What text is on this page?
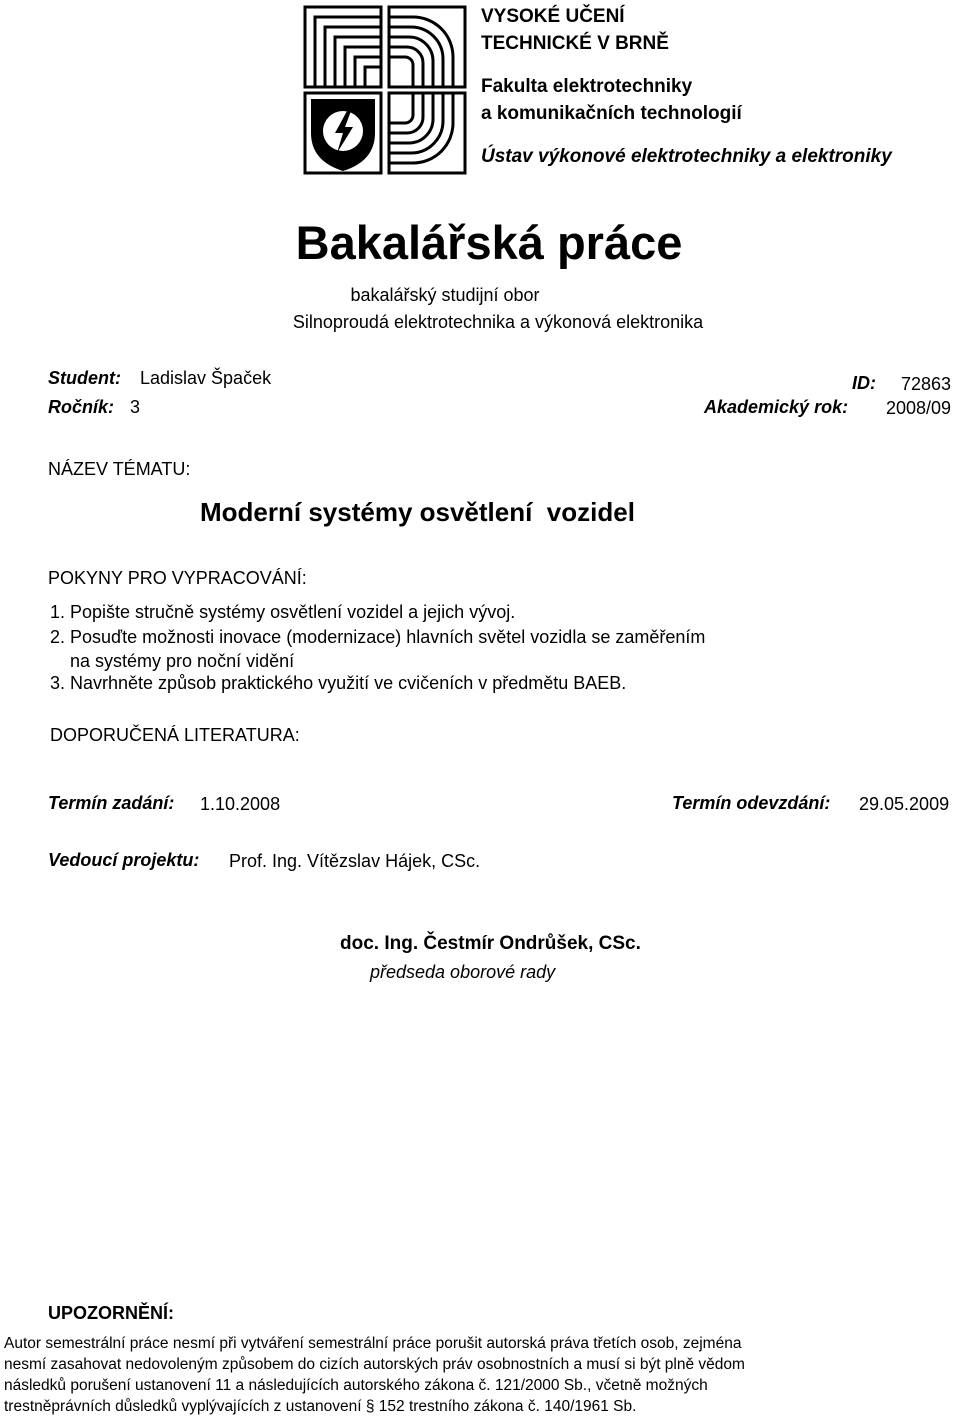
VYSOKÉ UČENÍ
TECHNICKÉ V BRNĚ
Fakulta elektrotechniky
a komunikačních technologií
Ústav výkonové elektrotechniky a elektroniky
Bakalářská práce
bakalářský studijní obor
Silnoproudá elektrotechnika a výkonová elektronika
Student: Ladislav Špaček	ID: 72863
Ročník: 3	Akademický rok: 2008/09
NÁZEV TÉMATU:
Moderní systémy osvětlení  vozidel
POKYNY PRO VYPRACOVÁNÍ:
1. Popište stručně systémy osvětlení vozidel a jejich vývoj.
2. Posuďte možnosti inovace (modernizace) hlavních světel vozidla se zaměřením
na systémy pro noční vidění
3. Navrhněte způsob praktického využití ve cvičeních v předmětu BAEB.
DOPORUČENÁ LITERATURA:
Termín zadání: 1.10.2008	Termín odevzdání: 29.05.2009
Vedoucí projektu: Prof. Ing. Vítězslav Hájek, CSc.
doc. Ing. Čestmír Ondrůšek, CSc.
předseda oborové rady
UPOZORNĚNÍ:
Autor semestrální práce nesmí při vytváření semestrální práce porušit autorská práva třetích osob, zejména
nesmí zasahovat nedovoleným způsobem do cizích autorských práv osobnostních a musí si být plně vědom
následků porušení ustanovení 11 a následujících autorského zákona č. 121/2000 Sb., včetně možných
trestněprávních důsledků vyplývajících z ustanovení § 152 trestního zákona č. 140/1961 Sb.
